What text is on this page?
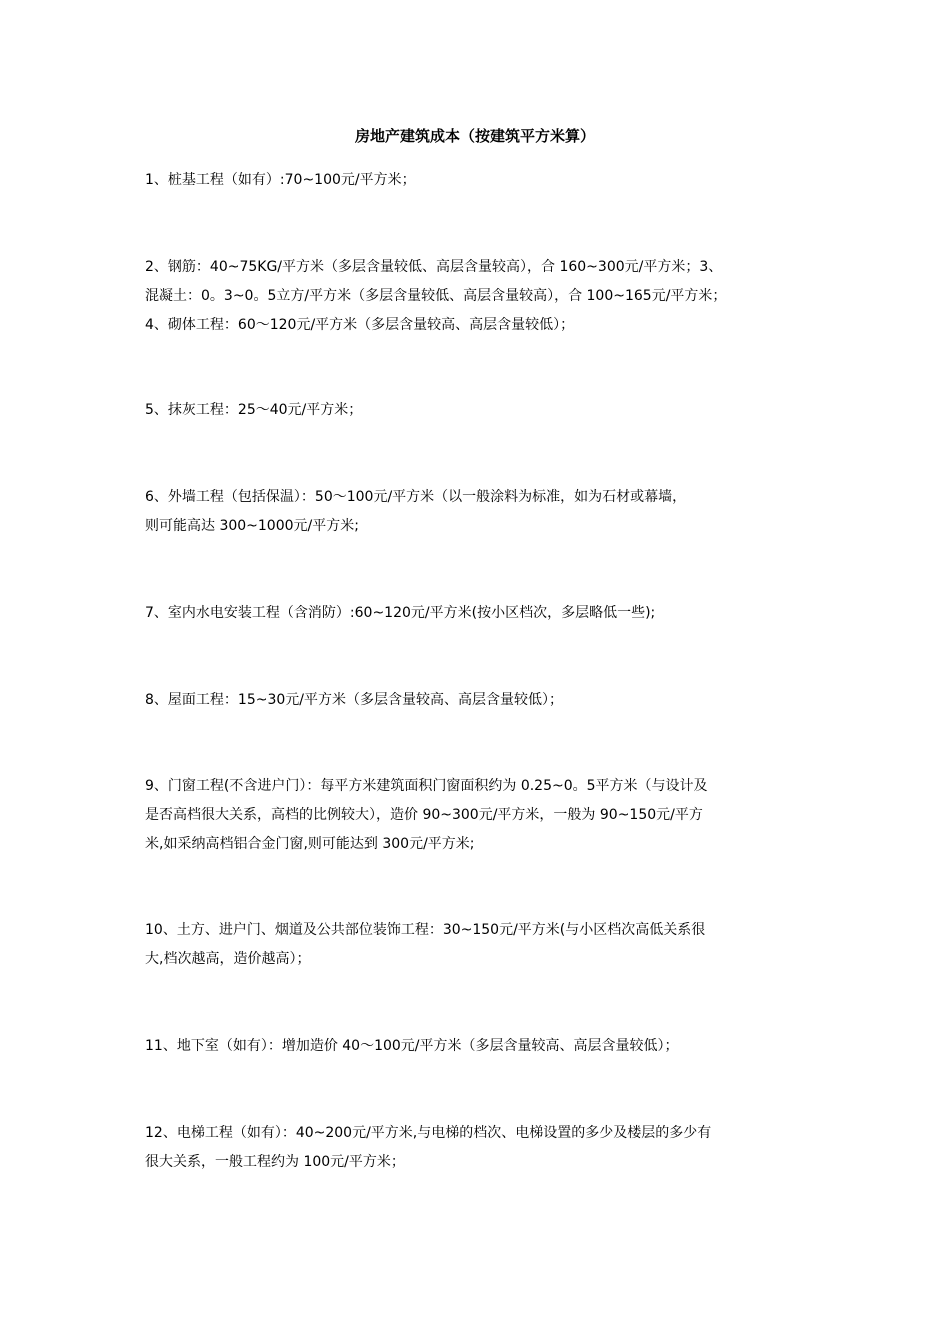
房地产建筑成本（按建筑平方米算）
1、桩基工程（如有）:70~100元/平方米；
2、钢筋：40~75KG/平方米（多层含量较低、高层含量较高），合 160~300元/平方米；3、
混凝土：0。3~0。5立方/平方米（多层含量较低、高层含量较高），合 100~165元/平方米；
4、砌体工程：60～120元/平方米（多层含量较高、高层含量较低）；
5、抹灰工程：25～40元/平方米；
6、外墙工程（包括保温）：50～100元/平方米（以一般涂料为标准，如为石材或幕墙，
则可能高达 300~1000元/平方米;
7、室内水电安装工程（含消防）:60~120元/平方米(按小区档次，多层略低一些);
8、屋面工程：15~30元/平方米（多层含量较高、高层含量较低）；
9、门窗工程(不含进户门）：每平方米建筑面积门窗面积约为 0.25~0。5平方米（与设计及
是否高档很大关系，高档的比例较大），造价 90~300元/平方米，一般为 90~150元/平方
米,如采纳高档铝合金门窗,则可能达到 300元/平方米;
10、土方、进户门、烟道及公共部位装饰工程：30~150元/平方米(与小区档次高低关系很
大,档次越高，造价越高）；
11、地下室（如有）：增加造价 40～100元/平方米（多层含量较高、高层含量较低）；
12、电梯工程（如有）：40~200元/平方米,与电梯的档次、电梯设置的多少及楼层的多少有
很大关系，一般工程约为 100元/平方米；
